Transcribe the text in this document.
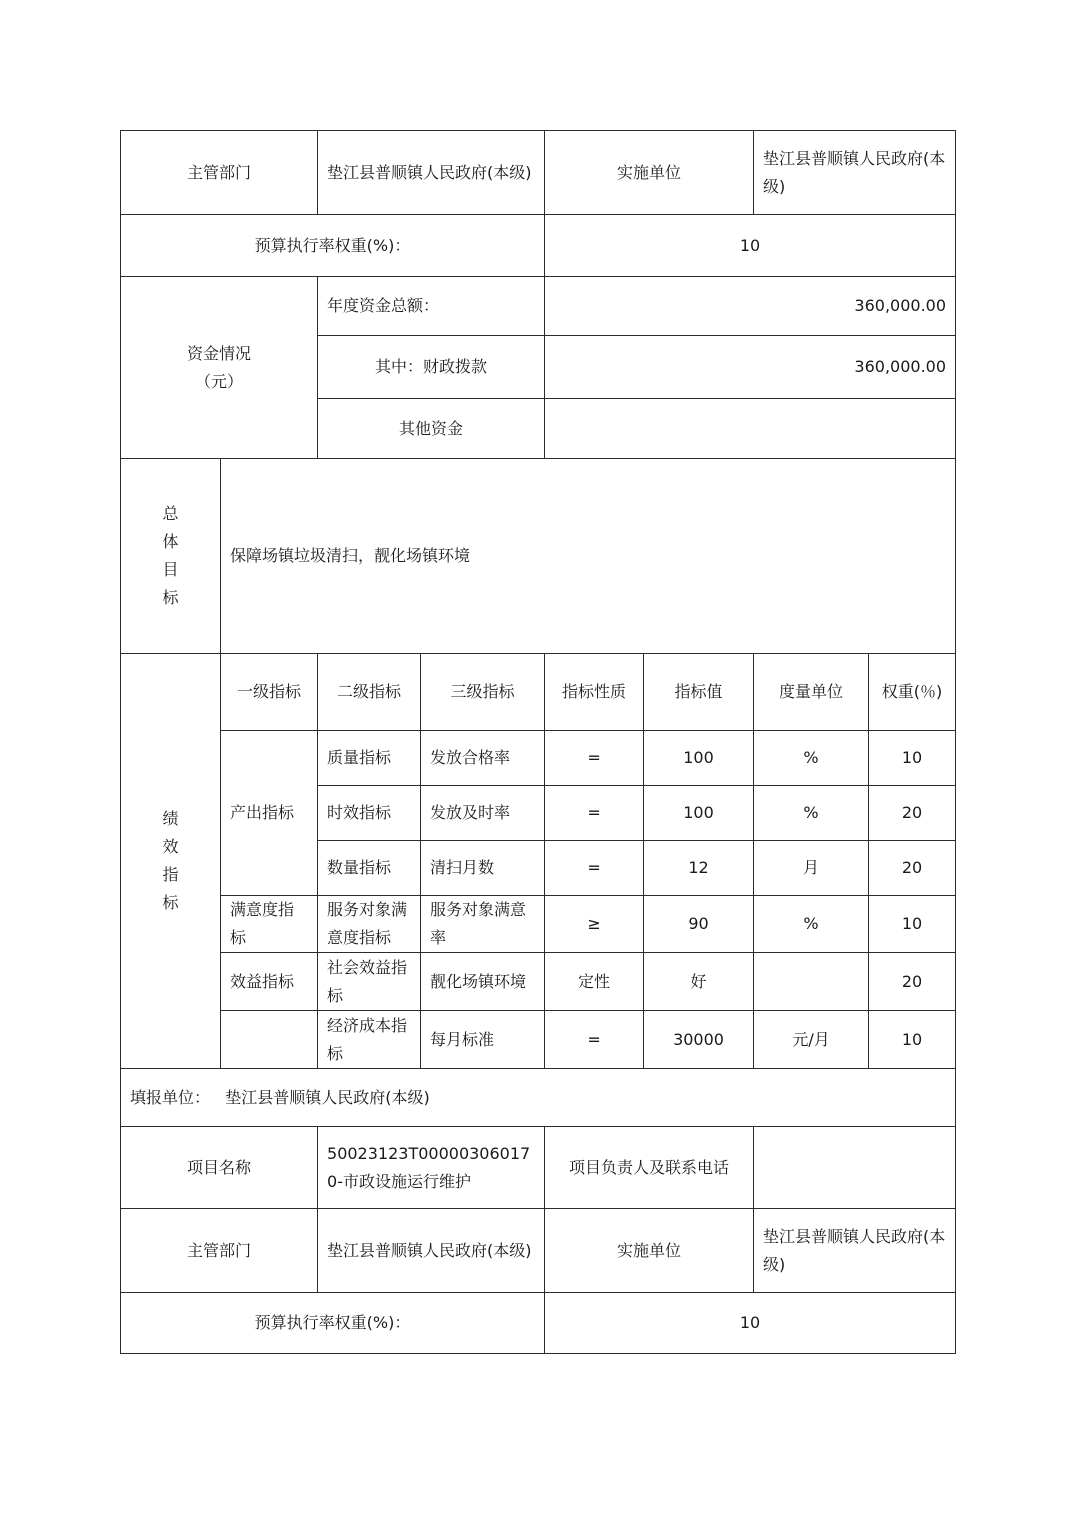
主管部门		垫江县普顺镇人民政府(本级)		实施单位		垫江县普顺镇人民政府(本级)	
预算执行率权重(%)：				10			
资金情况
（元）		年度资金总额：		360,000.00			
		其中：财政拨款		360,000.00			
		其他资金					

总
体
目
标	保障场镇垃圾清扫，靓化场镇环境						

绩
效
指
标	一级指标	二级指标	三级指标	指标性质	指标值	度量单位	权重(％)
	产出指标	质量指标	发放合格率	=	100	%	10
		时效指标	发放及时率	=	100	%	20
		数量指标	清扫月数	=	12	月	20
	满意度指标	服务对象满意度指标	服务对象满意率	≥	90	%	10
	效益指标	社会效益指标	靓化场镇环境	定性	好		20
		经济成本指标	每月标准	=	30000	元/月	10
填报单位： 垫江县普顺镇人民政府(本级)							
项目名称		50023123T000003060170-市政设施运行维护		项目负责人及联系电话			
主管部门		垫江县普顺镇人民政府(本级)		实施单位		垫江县普顺镇人民政府(本级)	
预算执行率权重(%)：				10			
